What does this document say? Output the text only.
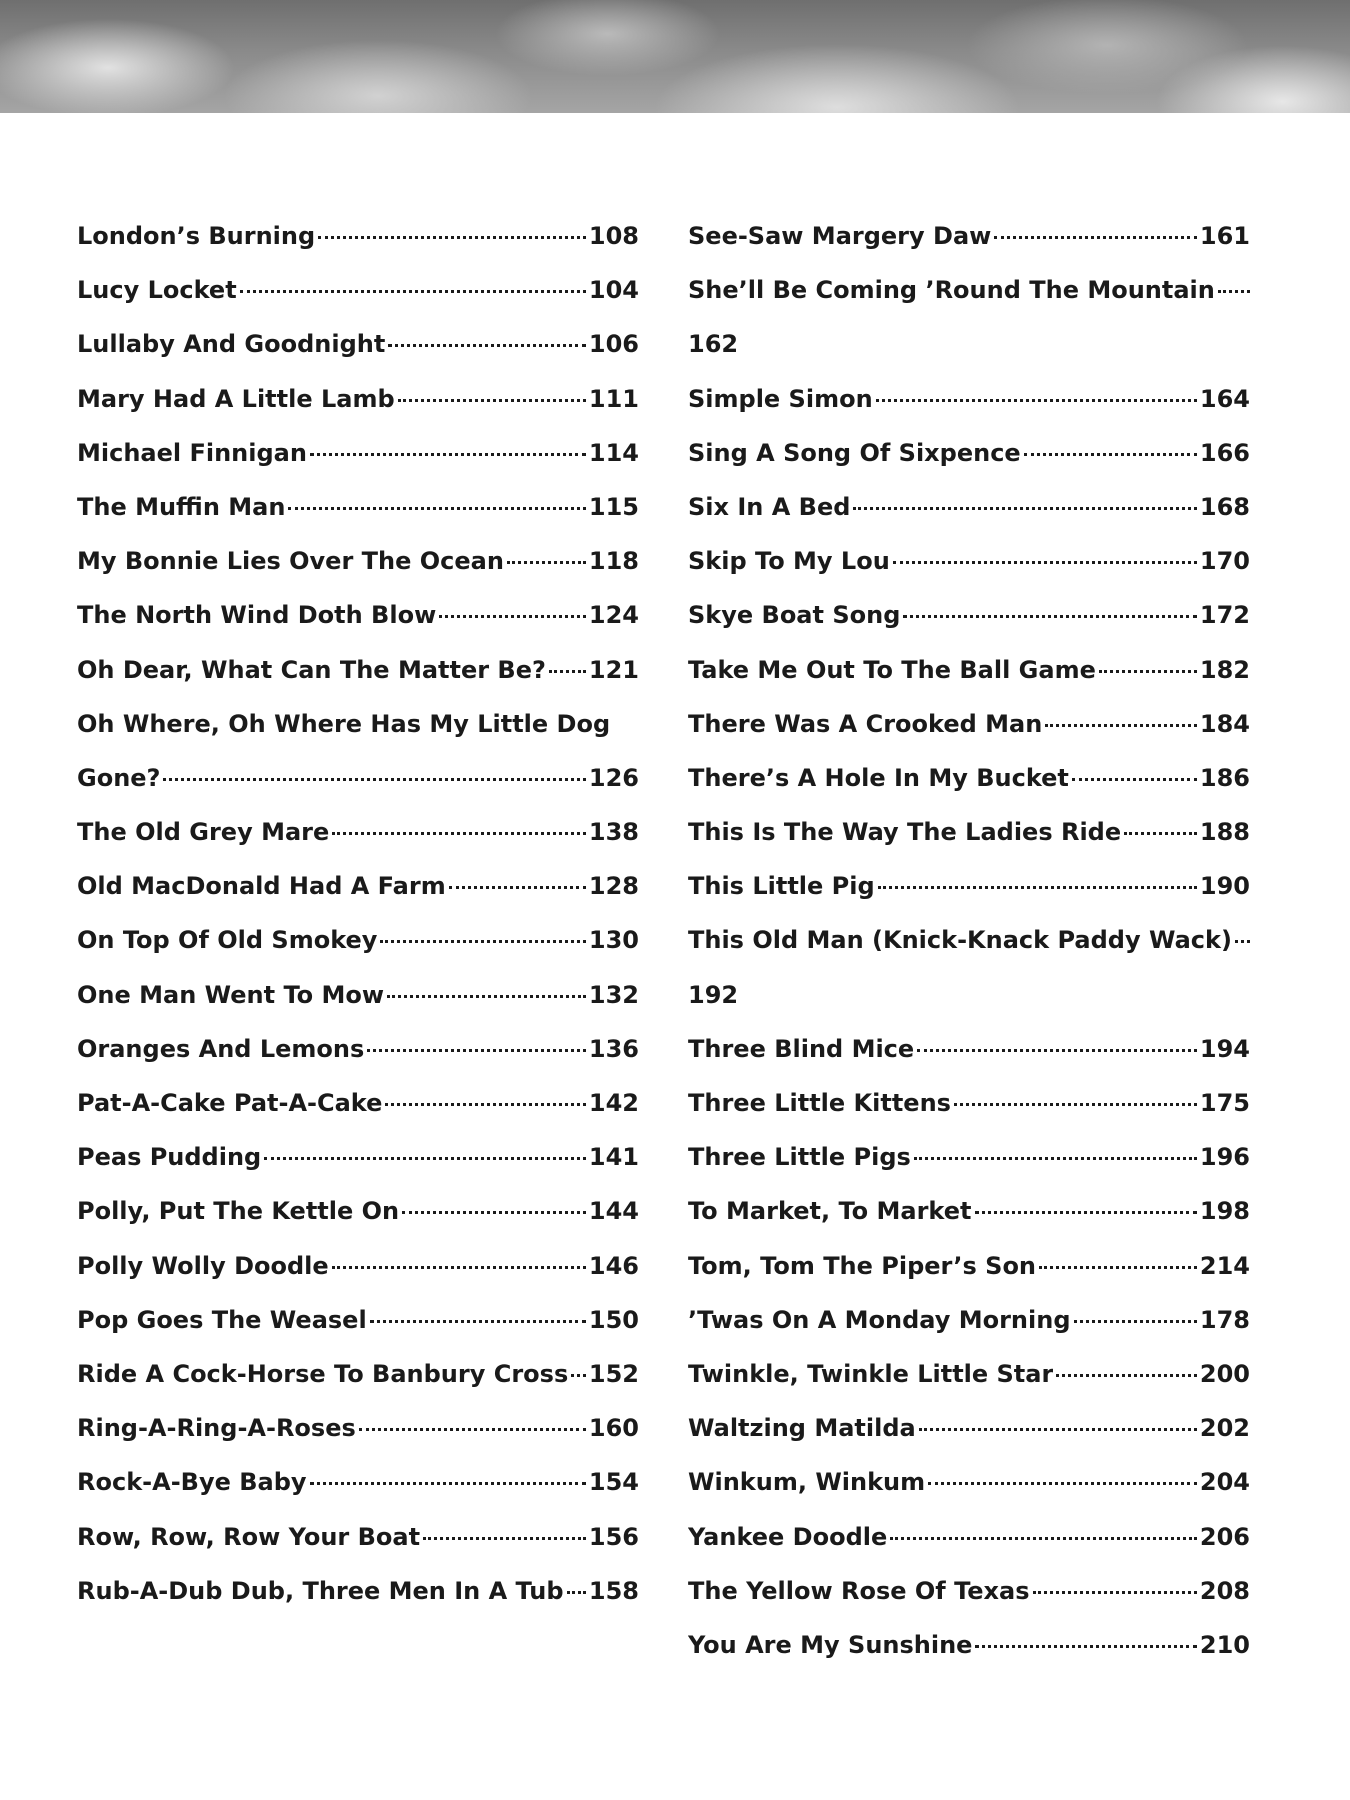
London’s Burning	108
Lucy Locket	104
Lullaby And Goodnight	106
Mary Had A Little Lamb	111
Michael Finnigan	114
The Muffin Man	115
My Bonnie Lies Over The Ocean	118
The North Wind Doth Blow	124
Oh Dear, What Can The Matter Be? 121
Oh Where, Oh Where Has My Little Dog
Gone?	126
The Old Grey Mare	138
Old MacDonald Had A Farm	128
On Top Of Old Smokey	130
One Man Went To Mow	132
Oranges And Lemons	136
Pat-A-Cake Pat-A-Cake	142
Peas Pudding	141
Polly, Put The Kettle On	144
Polly Wolly Doodle	146
Pop Goes The Weasel	150
Ride A Cock-Horse To Banbury Cross 152
Ring-A-Ring-A-Roses	160
Rock-A-Bye Baby	154
Row, Row, Row Your Boat	156
Rub-A-Dub Dub, Three Men In A Tub 158
See-Saw Margery Daw	161
She’ll Be Coming ’Round The Mountain
162
Simple Simon	164
Sing A Song Of Sixpence	166
Six In A Bed	168
Skip To My Lou	170
Skye Boat Song	172
Take Me Out To The Ball Game	182
There Was A Crooked Man	184
There’s A Hole In My Bucket	186
This Is The Way The Ladies Ride	188
This Little Pig	190
This Old Man (Knick-Knack Paddy Wack)
192
Three Blind Mice	194
Three Little Kittens	175
Three Little Pigs	196
To Market, To Market	198
Tom, Tom The Piper’s Son	214
’Twas On A Monday Morning	178
Twinkle, Twinkle Little Star	200
Waltzing Matilda	202
Winkum, Winkum	204
Yankee Doodle	206
The Yellow Rose Of Texas	208
You Are My Sunshine	210
